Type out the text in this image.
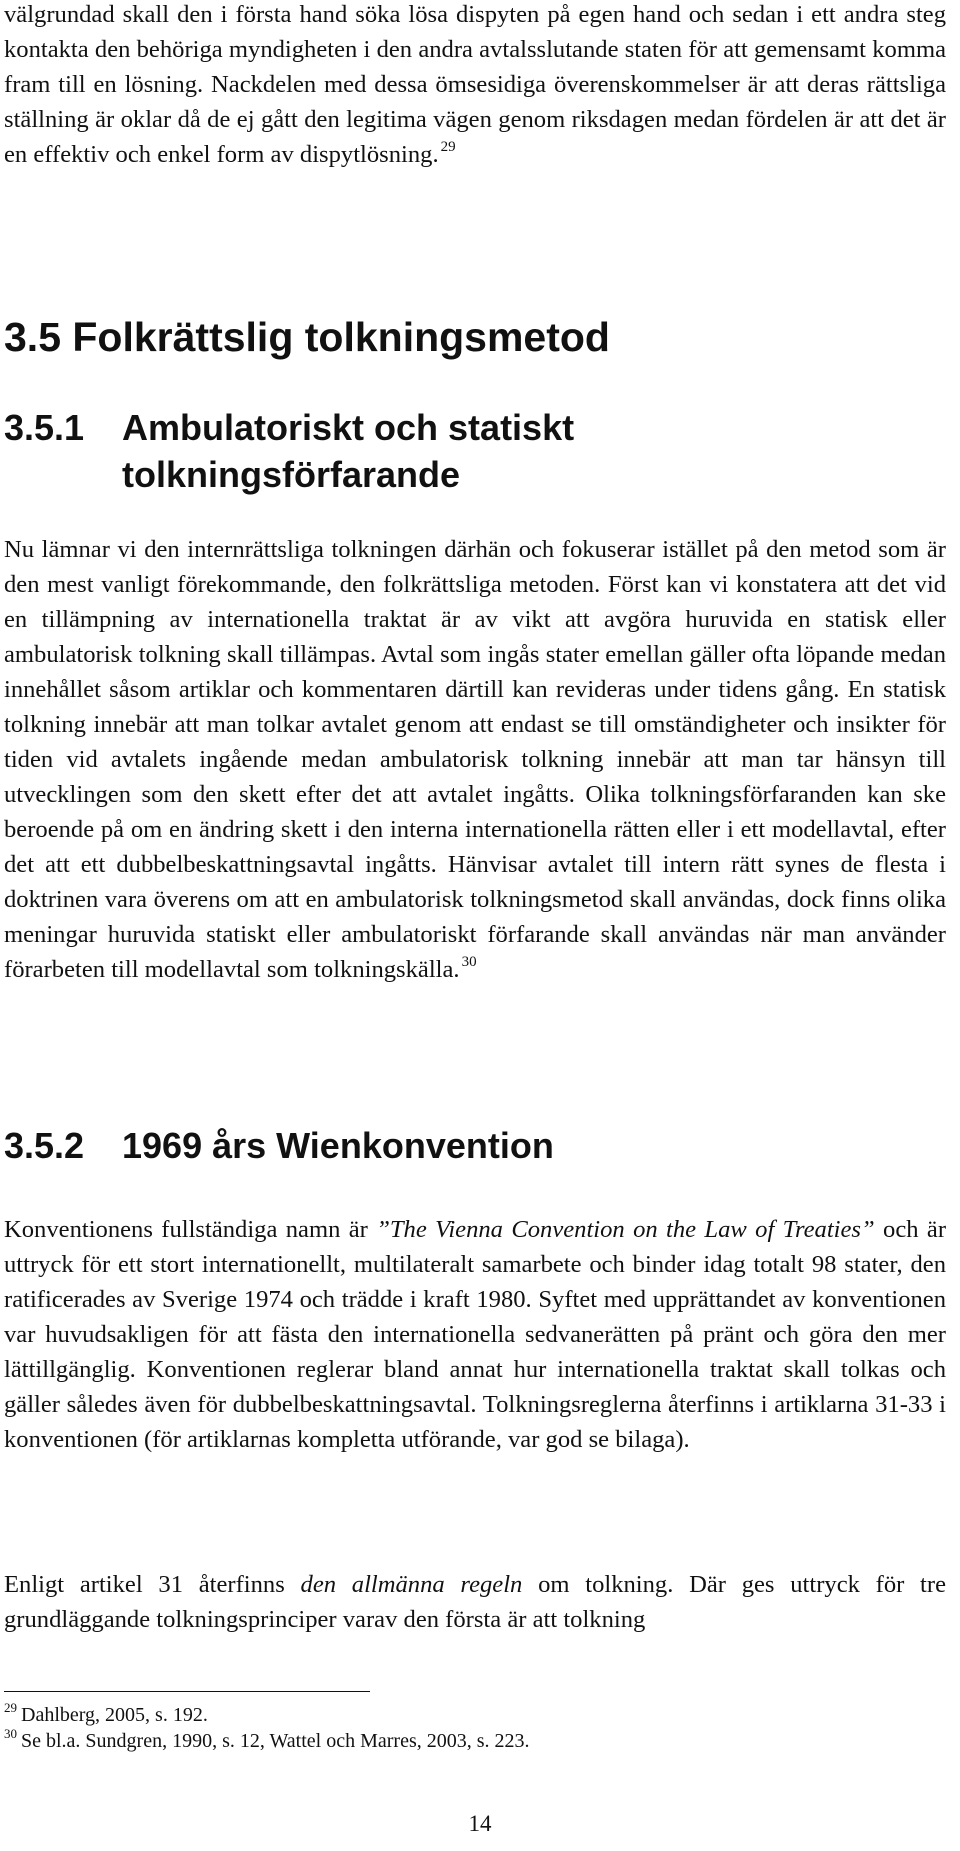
välgrundad skall den i första hand söka lösa dispyten på egen hand och sedan i ett andra steg kontakta den behöriga myndigheten i den andra avtalsslutande staten för att gemensamt komma fram till en lösning. Nackdelen med dessa ömsesidiga överenskommelser är att deras rättsliga ställning är oklar då de ej gått den legitima vägen genom riksdagen medan fördelen är att det är en effektiv och enkel form av dispytlösning. $^{29}$

3.5 Folkrättslig tolkningsmetod
3.5.1 Ambulatoriskt och statiskt
tolkningsförfarande

Nu lämnar vi den internrättsliga tolkningen därhän och fokuserar istället på den metod som är den mest vanligt förekommande, den folkrättsliga metoden. Först kan vi konstatera att det vid en tillämpning av internationella traktat är av vikt att avgöra huruvida en statisk eller ambulatorisk tolkning skall tillämpas. Avtal som ingås stater emellan gäller ofta löpande medan innehållet såsom artiklar och kommentaren därtill kan revideras under tidens gång. En statisk tolkning innebär att man tolkar avtalet genom att endast se till omständigheter och insikter för tiden vid avtalets ingående medan ambulatorisk tolkning innebär att man tar hänsyn till utvecklingen som den skett efter det att avtalet ingåtts. Olika tolkningsförfaranden kan ske beroende på om en ändring skett i den interna internationella rätten eller i ett modellavtal, efter det att ett dubbelbeskattningsavtal ingåtts. Hänvisar avtalet till intern rätt synes de flesta i doktrinen vara överens om att en ambulatorisk tolkningsmetod skall användas, dock finns olika meningar huruvida statiskt eller ambulatoriskt förfarande skall användas när man använder förarbeten till modellavtal som tolkningskälla. $^{30}$

3.5.2 1969 års Wienkonvention

Konventionens fullständiga namn är ”The Vienna Convention on the Law of Treaties” och är uttryck för ett stort internationellt, multilateralt samarbete och binder idag totalt 98 stater, den ratificerades av Sverige 1974 och trädde i kraft 1980. Syftet med upprättandet av konventionen var huvudsakligen för att fästa den internationella sedvanerätten på pränt och göra den mer lättillgänglig. Konventionen reglerar bland annat hur internationella traktat skall tolkas och gäller således även för dubbelbeskattningsavtal. Tolkningsreglerna återfinns i artiklarna 31-33 i konventionen (för artiklarnas kompletta utförande, var god se bilaga).

Enligt artikel 31 återfinns den allmänna regeln om tolkning. Där ges uttryck för tre grundläggande tolkningsprinciper varav den första är att tolkning

$^{29}$ Dahlberg, 2005, s. 192.

$^{30}$ Se bl.a. Sundgren, 1990, s. 12, Wattel och Marres, 2003, s. 223.

14
